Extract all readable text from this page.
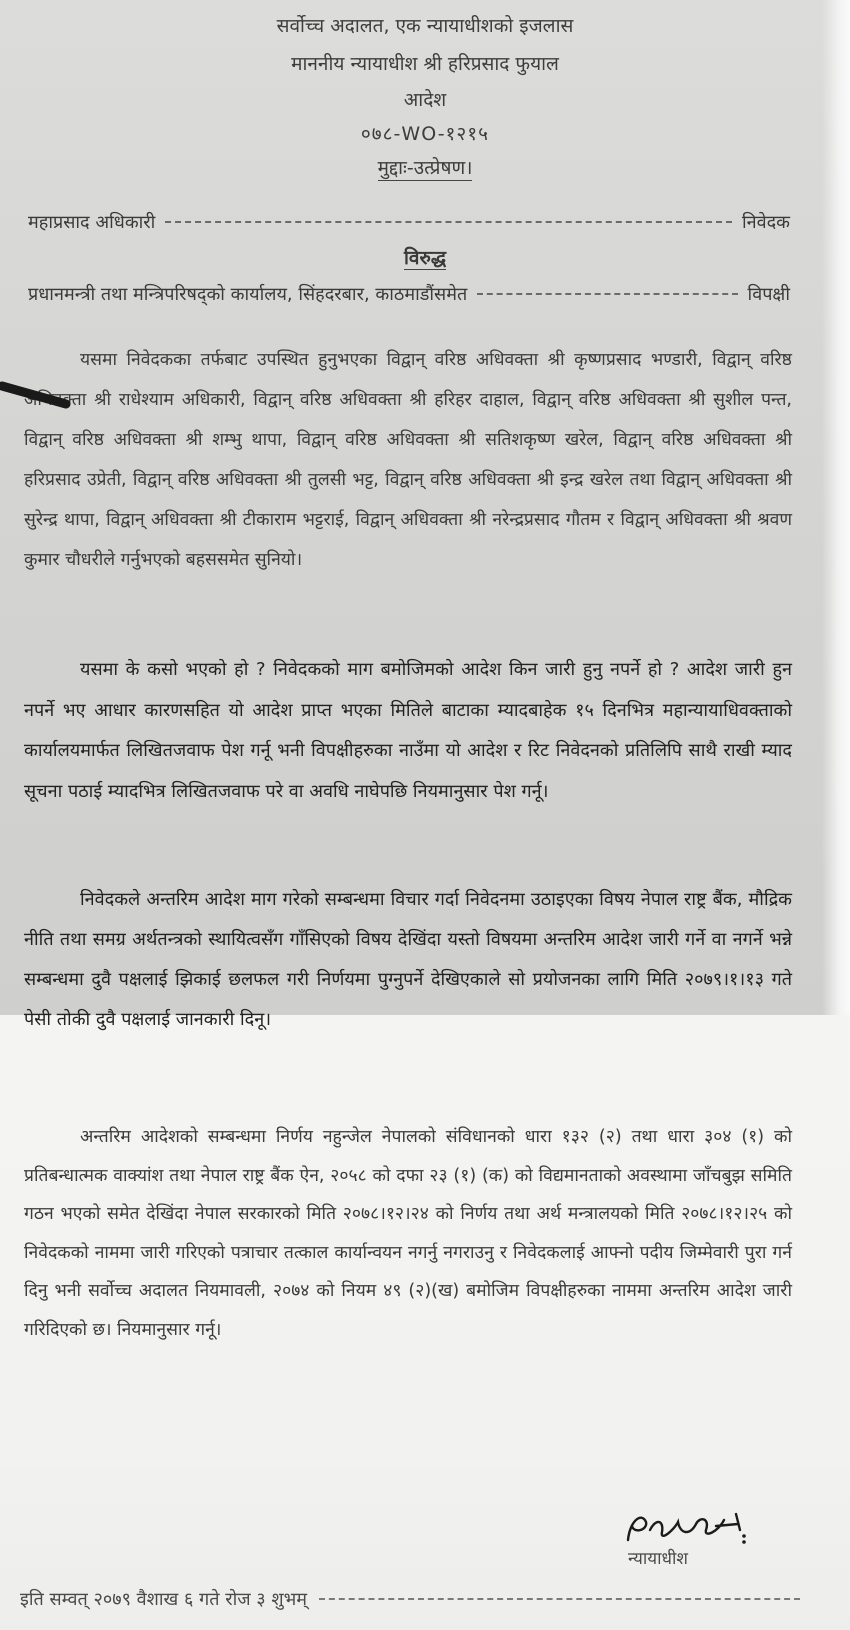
सर्वोच्च अदालत, एक न्यायाधीशको इजलास
माननीय न्यायाधीश श्री हरिप्रसाद फुयाल
आदेश
०७८-WO-१२१५
मुद्दाः-उत्प्रेषण।
महाप्रसाद अधिकारी	निवेदक
विरुद्ध
प्रधानमन्त्री तथा मन्त्रिपरिषद्को कार्यालय, सिंहदरबार, काठमाडौंसमेत	विपक्षी

यसमा निवेदकका तर्फबाट उपस्थित हुनुभएका विद्वान् वरिष्ठ अधिवक्ता श्री कृष्णप्रसाद भण्डारी, विद्वान् वरिष्ठ अधिवक्ता श्री राधेश्याम अधिकारी, विद्वान् वरिष्ठ अधिवक्ता श्री हरिहर दाहाल, विद्वान् वरिष्ठ अधिवक्ता श्री सुशील पन्त, विद्वान् वरिष्ठ अधिवक्ता श्री शम्भु थापा, विद्वान् वरिष्ठ अधिवक्ता श्री सतिशकृष्ण खरेल, विद्वान् वरिष्ठ अधिवक्ता श्री हरिप्रसाद उप्रेती, विद्वान् वरिष्ठ अधिवक्ता श्री तुलसी भट्ट, विद्वान् वरिष्ठ अधिवक्ता श्री इन्द्र खरेल तथा विद्वान् अधिवक्ता श्री सुरेन्द्र थापा, विद्वान् अधिवक्ता श्री टीकाराम भट्टराई, विद्वान् अधिवक्ता श्री नरेन्द्रप्रसाद गौतम र विद्वान् अधिवक्ता श्री श्रवण कुमार चौधरीले गर्नुभएको बहससमेत सुनियो।

यसमा के कसो भएको हो ? निवेदकको माग बमोजिमको आदेश किन जारी हुनु नपर्ने हो ? आदेश जारी हुन नपर्ने भए आधार कारणसहित यो आदेश प्राप्त भएका मितिले बाटाका म्यादबाहेक १५ दिनभित्र महान्यायाधिवक्ताको कार्यालयमार्फत लिखितजवाफ पेश गर्नू भनी विपक्षीहरुका नाउँमा यो आदेश र रिट निवेदनको प्रतिलिपि साथै राखी म्याद सूचना पठाई म्यादभित्र लिखितजवाफ परे वा अवधि नाघेपछि नियमानुसार पेश गर्नू।

निवेदकले अन्तरिम आदेश माग गरेको सम्बन्धमा विचार गर्दा निवेदनमा उठाइएका विषय नेपाल राष्ट्र बैंक, मौद्रिक नीति तथा समग्र अर्थतन्त्रको स्थायित्वसँग गाँसिएको विषय देखिंदा यस्तो विषयमा अन्तरिम आदेश जारी गर्ने वा नगर्ने भन्ने सम्बन्धमा दुवै पक्षलाई झिकाई छलफल गरी निर्णयमा पुग्नुपर्ने देखिएकाले सो प्रयोजनका लागि मिति २०७९।१।१३ गते पेसी तोकी दुवै पक्षलाई जानकारी दिनू।

अन्तरिम आदेशको सम्बन्धमा निर्णय नहुन्जेल नेपालको संविधानको धारा १३२ (२) तथा धारा ३०४ (१) को प्रतिबन्धात्मक वाक्यांश तथा नेपाल राष्ट्र बैंक ऐन, २०५८ को दफा २३ (१) (क) को विद्यमानताको अवस्थामा जाँचबुझ समिति गठन भएको समेत देखिंदा नेपाल सरकारको मिति २०७८।१२।२४ को निर्णय तथा अर्थ मन्त्रालयको मिति २०७८।१२।२५ को निवेदकको नाममा जारी गरिएको पत्राचार तत्काल कार्यान्वयन नगर्नु नगराउनु र निवेदकलाई आफ्नो पदीय जिम्मेवारी पुरा गर्न दिनु भनी सर्वोच्च अदालत नियमावली, २०७४ को नियम ४९ (२)(ख) बमोजिम विपक्षीहरुका नाममा अन्तरिम आदेश जारी गरिदिएको छ। नियमानुसार गर्नू।

न्यायाधीश
इति सम्वत् २०७९ वैशाख ६ गते रोज ३ शुभम्
